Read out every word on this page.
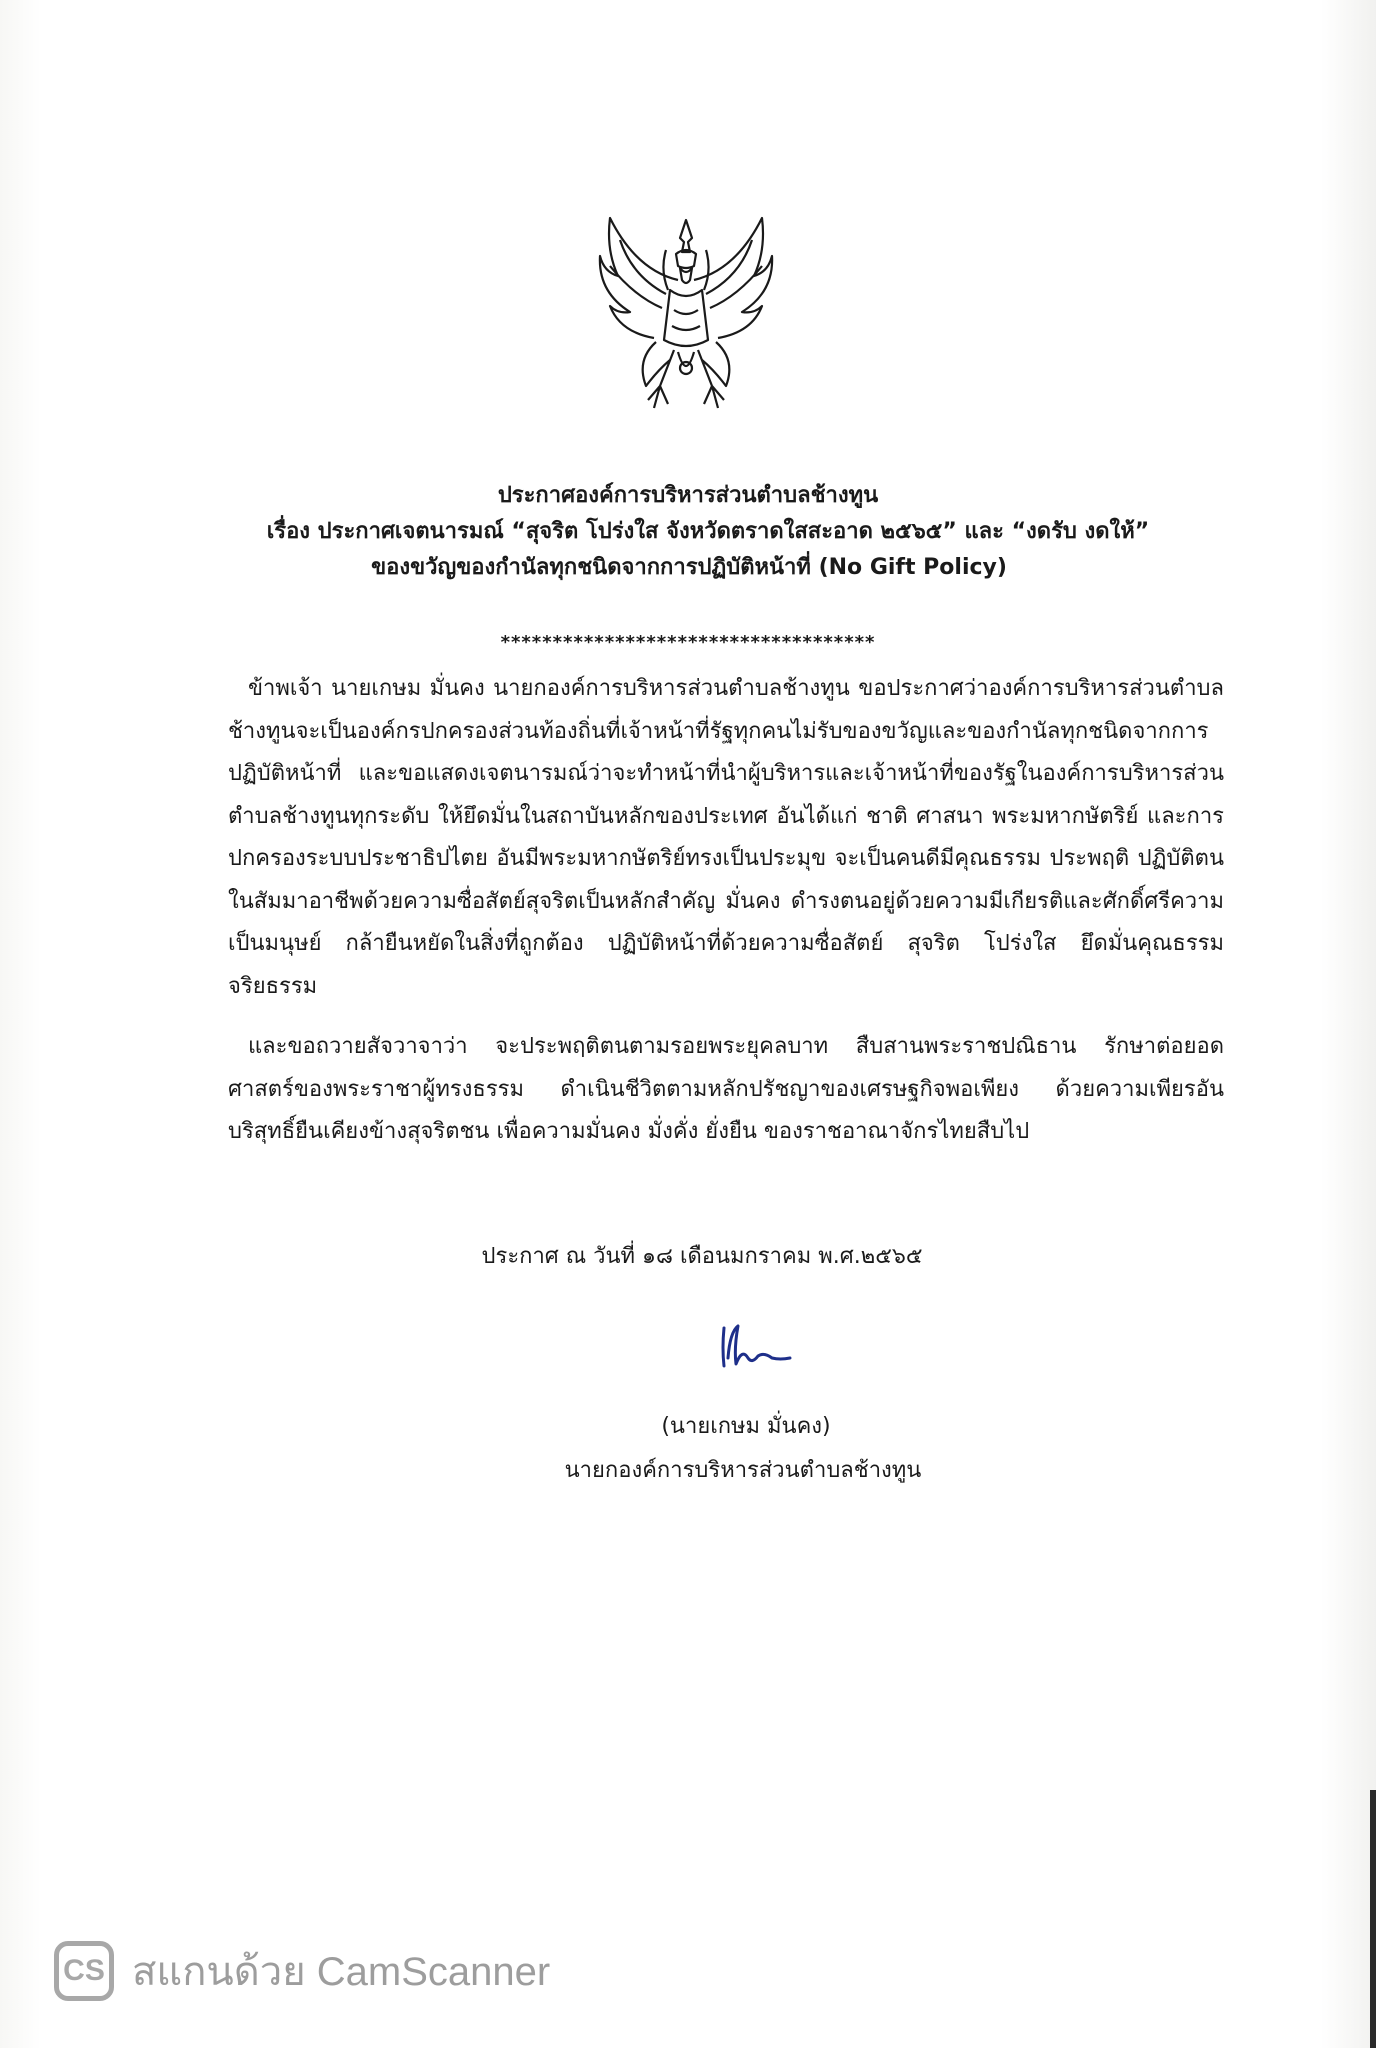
ประกาศองค์การบริหารส่วนตำบลช้างทูน
เรื่อง ประกาศเจตนารมณ์ “สุจริต โปร่งใส จังหวัดตราดใสสะอาด ๒๕๖๕” และ “งดรับ งดให้”
ของขวัญของกำนัลทุกชนิดจากการปฏิบัติหน้าที่ (No Gift Policy)
************************************

ข้าพเจ้า นายเกษม มั่นคง นายกองค์การบริหารส่วนตำบลช้างทูน ขอประกาศว่าองค์การบริหารส่วนตำบลช้างทูนจะเป็นองค์กรปกครองส่วนท้องถิ่นที่เจ้าหน้าที่รัฐทุกคนไม่รับของขวัญและของกำนัลทุกชนิดจากการปฏิบัติหน้าที่ และขอแสดงเจตนารมณ์ว่าจะทำหน้าที่นำผู้บริหารและเจ้าหน้าที่ของรัฐในองค์การบริหารส่วนตำบลช้างทูนทุกระดับ ให้ยึดมั่นในสถาบันหลักของประเทศ อันได้แก่ ชาติ ศาสนา พระมหากษัตริย์ และการปกครองระบบประชาธิปไตย อันมีพระมหากษัตริย์ทรงเป็นประมุข จะเป็นคนดีมีคุณธรรม ประพฤติ ปฏิบัติตนในสัมมาอาชีพด้วยความซื่อสัตย์สุจริตเป็นหลักสำคัญ มั่นคง ดำรงตนอยู่ด้วยความมีเกียรติและศักดิ์ศรีความเป็นมนุษย์ กล้ายืนหยัดในสิ่งที่ถูกต้อง ปฏิบัติหน้าที่ด้วยความซื่อสัตย์ สุจริต โปร่งใส ยึดมั่นคุณธรรม จริยธรรม

และขอถวายสัจวาจาว่า จะประพฤติตนตามรอยพระยุคลบาท สืบสานพระราชปณิธาน รักษาต่อยอดศาสตร์ของพระราชาผู้ทรงธรรม ดำเนินชีวิตตามหลักปรัชญาของเศรษฐกิจพอเพียง ด้วยความเพียรอันบริสุทธิ์ยืนเคียงข้างสุจริตชน เพื่อความมั่นคง มั่งคั่ง ยั่งยืน ของราชอาณาจักรไทยสืบไป

ประกาศ ณ วันที่ ๑๘ เดือนมกราคม พ.ศ.๒๕๖๕
(นายเกษม มั่นคง)
นายกองค์การบริหารส่วนตำบลช้างทูน
CS สแกนด้วย CamScanner
